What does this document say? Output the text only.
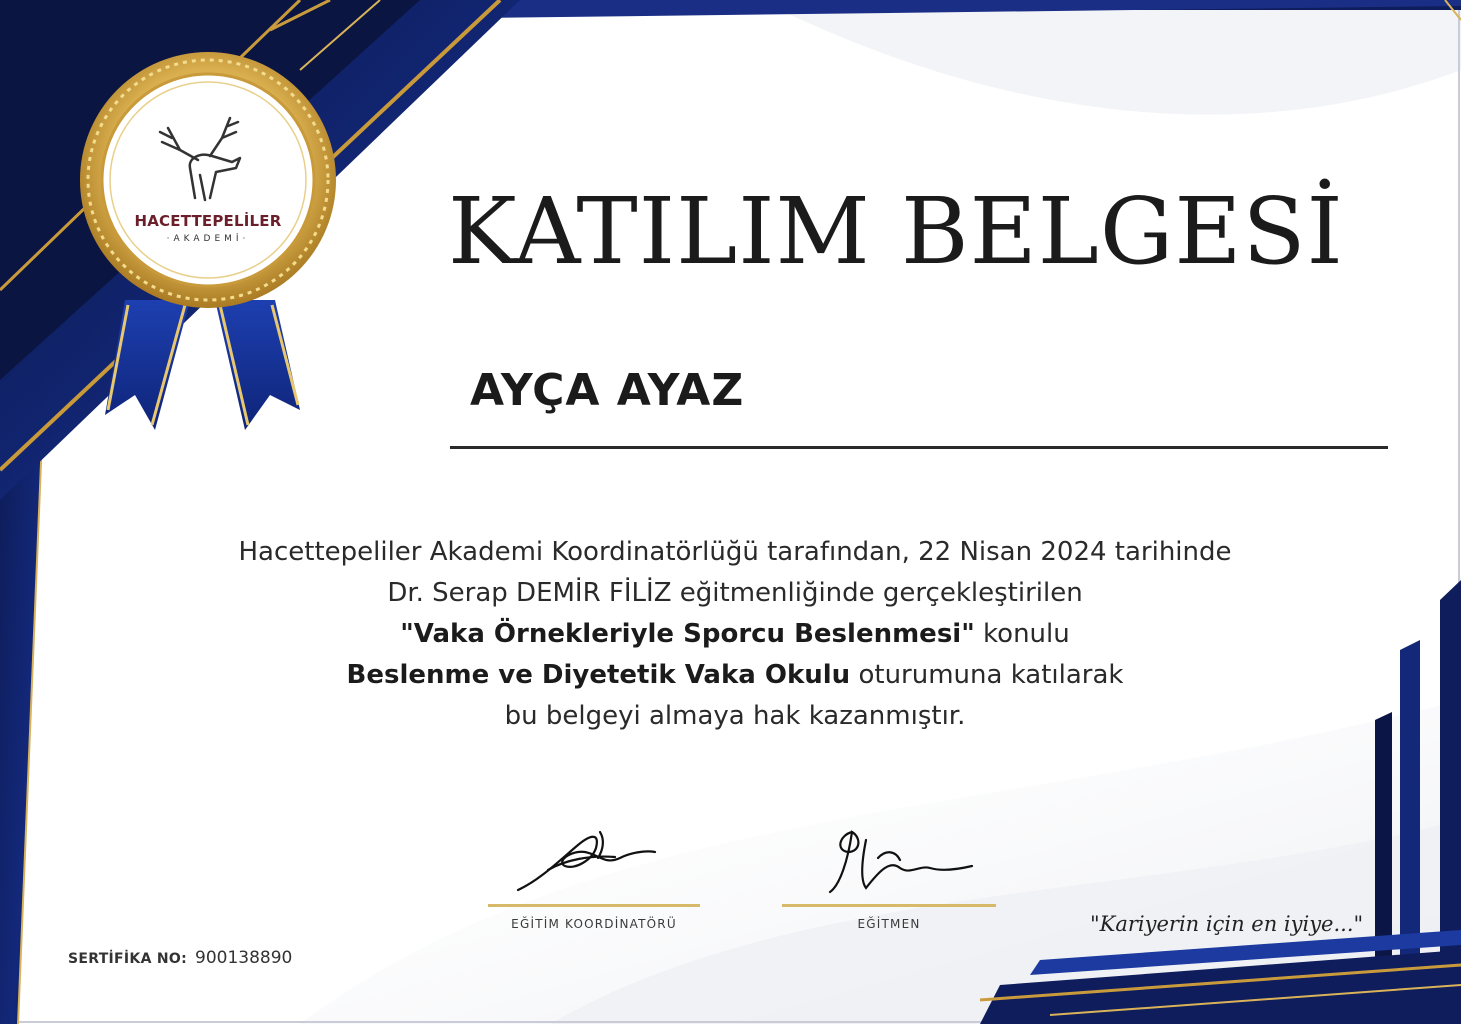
HACETTEPELİLER
·AKADEMİ·	KATILIM BELGESİ
AYÇA AYAZ
Hacettepeliler Akademi Koordinatörlüğü tarafından, 22 Nisan 2024 tarihinde
Dr. Serap DEMİR FİLİZ eğitmenliğinde gerçekleştirilen
"Vaka Örnekleriyle Sporcu Beslenmesi" konulu
Beslenme ve Diyetetik Vaka Okulu oturumuna katılarak
bu belgeyi almaya hak kazanmıştır.
EĞİTİM KOORDİNATÖRÜ	EĞİTMEN	"Kariyerin için en iyiye..."
SERTİFİKA NO: 900138890
